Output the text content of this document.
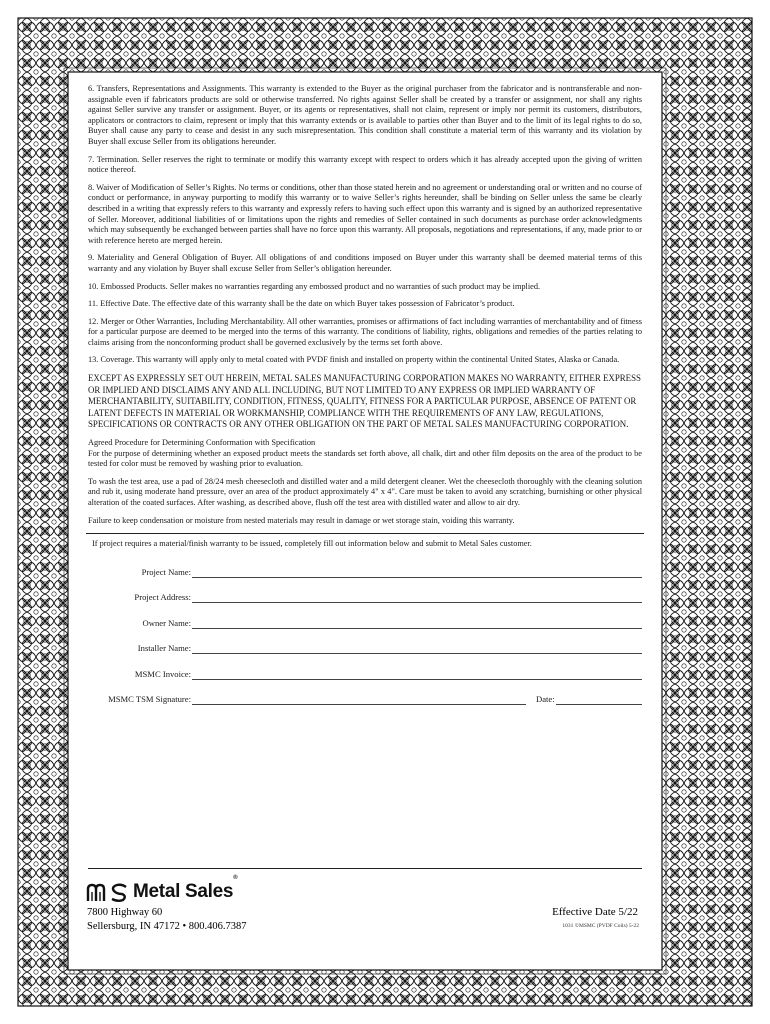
6. Transfers, Representations and Assignments. This warranty is extended to the Buyer as the original purchaser from the fabricator and is nontransferable and non-assignable even if fabricators products are sold or otherwise transferred. No rights against Seller shall be created by a transfer or assignment, nor shall any rights against Seller survive any transfer or assignment. Buyer, or its agents or representatives, shall not claim, represent or imply nor permit its customers, distributors, applicators or contractors to claim, represent or imply that this warranty extends or is available to parties other than Buyer and to the limit of its legal rights to do so, Buyer shall cause any party to cease and desist in any such misrepresentation. This condition shall constitute a material term of this warranty and its violation by Buyer shall excuse Seller from its obligations hereunder.

7. Termination. Seller reserves the right to terminate or modify this warranty except with respect to orders which it has already accepted upon the giving of written notice thereof.

8. Waiver of Modification of Seller’s Rights. No terms or conditions, other than those stated herein and no agreement or understanding oral or written and no course of conduct or performance, in anyway purporting to modify this warranty or to waive Seller’s rights hereunder, shall be binding on Seller unless the same be clearly described in a writing that expressly refers to this warranty and expressly refers to having such effect upon this warranty and is signed by an authorized representative of Seller. Moreover, additional liabilities of or limitations upon the rights and remedies of Seller contained in such documents as purchase order acknowledgments which may subsequently be exchanged between parties shall have no force upon this warranty. All proposals, negotiations and representations, if any, made prior to or with reference hereto are merged herein.

9. Materiality and General Obligation of Buyer. All obligations of and conditions imposed on Buyer under this warranty shall be deemed material terms of this warranty and any violation by Buyer shall excuse Seller from Seller’s obligation hereunder.

10. Embossed Products. Seller makes no warranties regarding any embossed product and no warranties of such product may be implied.

11. Effective Date. The effective date of this warranty shall be the date on which Buyer takes possession of Fabricator’s product.

12. Merger or Other Warranties, Including Merchantability. All other warranties, promises or affirmations of fact including warranties of merchantability and of fitness for a particular purpose are deemed to be merged into the terms of this warranty. The conditions of liability, rights, obligations and remedies of the parties relating to claims arising from the nonconforming product shall be governed exclusively by the terms set forth above.

13. Coverage. This warranty will apply only to metal coated with PVDF finish and installed on property within the continental United States, Alaska or Canada.

EXCEPT AS EXPRESSLY SET OUT HEREIN, METAL SALES MANUFACTURING CORPORATION MAKES NO WARRANTY, EITHER EXPRESS OR IMPLIED AND DISCLAIMS ANY AND ALL INCLUDING, BUT NOT LIMITED TO ANY EXPRESS OR IMPLIED WARRANTY OF MERCHANTABILITY, SUITABILITY, CONDITION, FITNESS, QUALITY, FITNESS FOR A PARTICULAR PURPOSE, ABSENCE OF PATENT OR LATENT DEFECTS IN MATERIAL OR WORKMANSHIP, COMPLIANCE WITH THE REQUIREMENTS OF ANY LAW, REGULATIONS, SPECIFICATIONS OR CONTRACTS OR ANY OTHER OBLIGATION ON THE PART OF METAL SALES MANUFACTURING CORPORATION.

Agreed Procedure for Determining Conformation with Specification
For the purpose of determining whether an exposed product meets the standards set forth above, all chalk, dirt and other film deposits on the area of the product to be tested for color must be removed by washing prior to evaluation.

To wash the test area, use a pad of 28/24 mesh cheesecloth and distilled water and a mild detergent cleaner. Wet the cheesecloth thoroughly with the cleaning solution and rub it, using moderate hand pressure, over an area of the product approximately 4" x 4". Care must be taken to avoid any scratching, burnishing or other physical alteration of the coated surfaces. After washing, as described above, flush off the test area with distilled water and allow to air dry.

Failure to keep condensation or moisture from nested materials may result in damage or wet storage stain, voiding this warranty.

If project requires a material/finish warranty to be issued, completely fill out information below and submit to Metal Sales customer.
Project Name:
Project Address:
Owner Name:
Installer Name:
MSMC Invoice:
MSMC TSM Signature:	Date:
Metal Sales®
7800 Highway 60
Sellersburg, IN 47172 • 800.406.7387
Effective Date 5/22
1031 ©MSMC (PVDF Coils) 5-22
